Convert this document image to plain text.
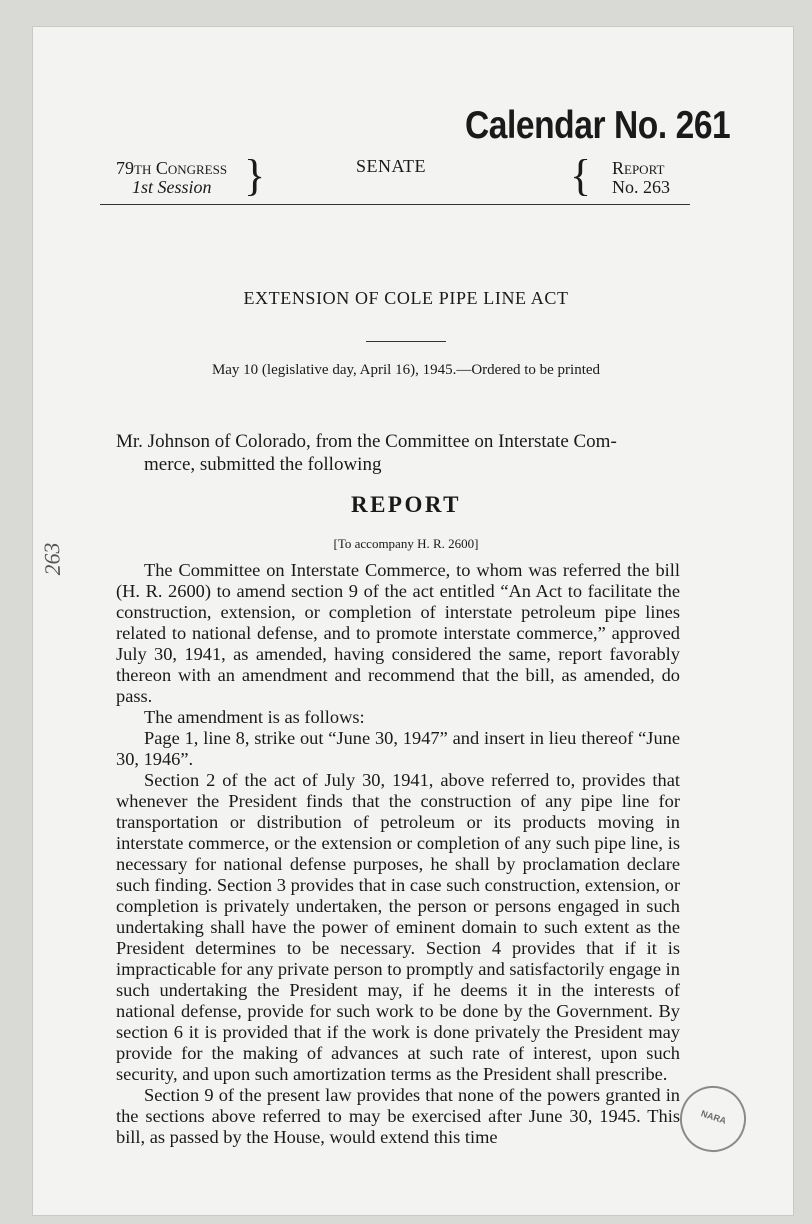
Calendar No. 261
79th Congress
1st Session }	SENATE	{ Report
No. 263
EXTENSION OF COLE PIPE LINE ACT
May 10 (legislative day, April 16), 1945.—Ordered to be printed
Mr. Johnson of Colorado, from the Committee on Interstate Com-
merce, submitted the following
REPORT
[To accompany H. R. 2600]

The Committee on Interstate Commerce, to whom was referred the bill (H. R. 2600) to amend section 9 of the act entitled “An Act to facilitate the construction, extension, or completion of interstate petroleum pipe lines related to national defense, and to promote interstate commerce,” approved July 30, 1941, as amended, having considered the same, report favorably thereon with an amendment and recommend that the bill, as amended, do pass.

The amendment is as follows:

Page 1, line 8, strike out “June 30, 1947” and insert in lieu thereof “June 30, 1946”.

Section 2 of the act of July 30, 1941, above referred to, provides that whenever the President finds that the construction of any pipe line for transportation or distribution of petroleum or its products moving in interstate commerce, or the extension or completion of any such pipe line, is necessary for national defense purposes, he shall by proclamation declare such finding. Section 3 provides that in case such construction, extension, or completion is privately undertaken, the person or persons engaged in such undertaking shall have the power of eminent domain to such extent as the President determines to be necessary. Section 4 provides that if it is impracticable for any private person to promptly and satisfactorily engage in such undertaking the President may, if he deems it in the interests of national defense, provide for such work to be done by the Government. By section 6 it is provided that if the work is done privately the President may provide for the making of advances at such rate of interest, upon such security, and upon such amortization terms as the President shall prescribe.

Section 9 of the present law provides that none of the powers granted in the sections above referred to may be exercised after June 30, 1945. This bill, as passed by the House, would extend this time

263
NARA
